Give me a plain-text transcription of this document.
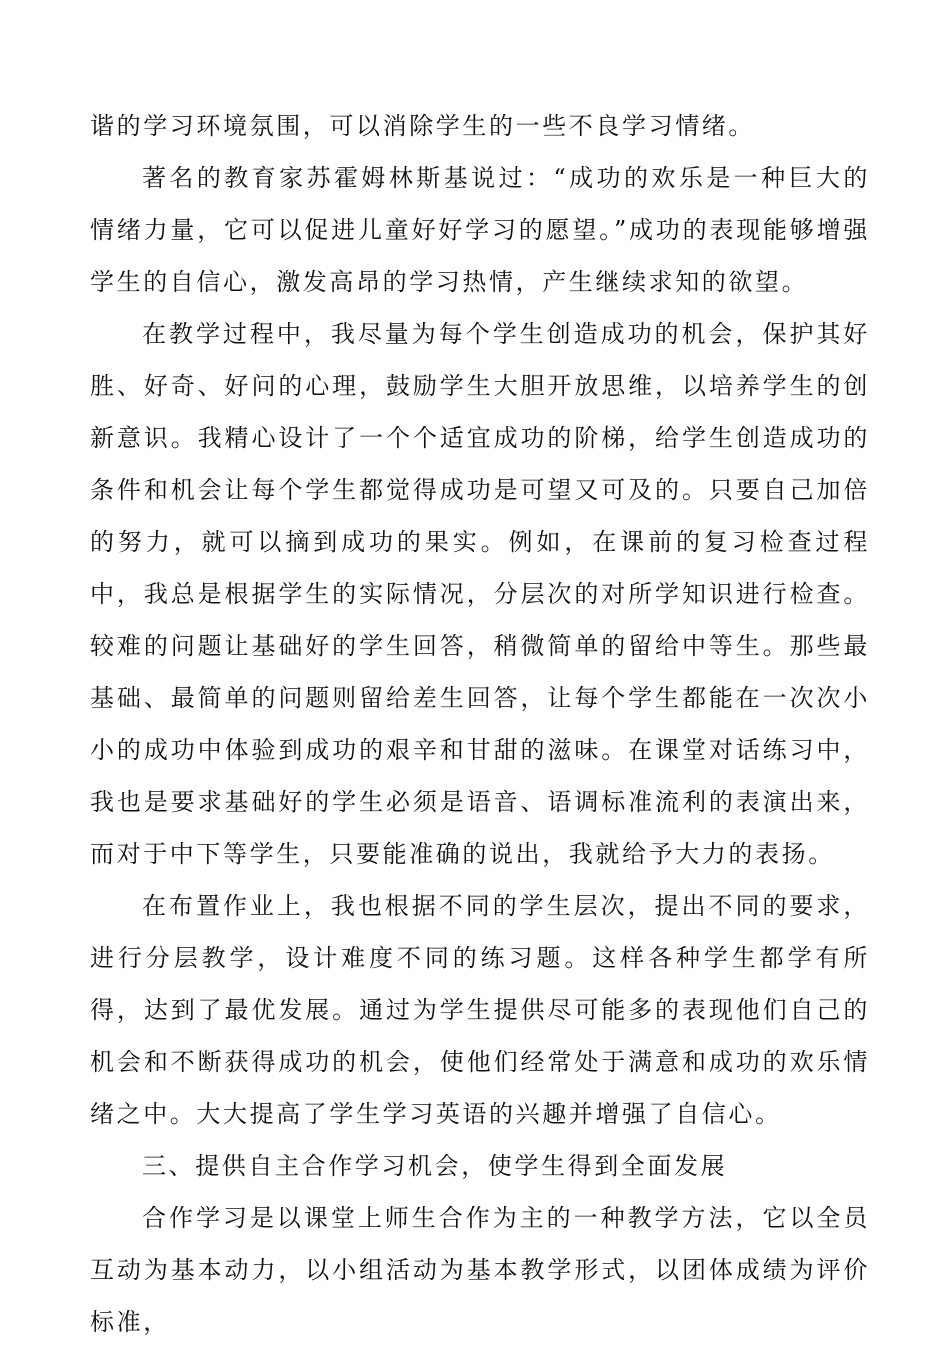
谐的学习环境氛围，可以消除学生的一些不良学习情绪。

著名的教育家苏霍姆林斯基说过：“成功的欢乐是一种巨大的情绪力量，它可以促进儿童好好学习的愿望。”成功的表现能够增强学生的自信心，激发高昂的学习热情，产生继续求知的欲望。

在教学过程中，我尽量为每个学生创造成功的机会，保护其好胜、好奇、好问的心理，鼓励学生大胆开放思维，以培养学生的创新意识。我精心设计了一个个适宜成功的阶梯，给学生创造成功的条件和机会让每个学生都觉得成功是可望又可及的。只要自己加倍的努力，就可以摘到成功的果实。例如，在课前的复习检查过程中，我总是根据学生的实际情况，分层次的对所学知识进行检查。较难的问题让基础好的学生回答，稍微简单的留给中等生。那些最基础、最简单的问题则留给差生回答，让每个学生都能在一次次小小的成功中体验到成功的艰辛和甘甜的滋味。在课堂对话练习中，我也是要求基础好的学生必须是语音、语调标准流利的表演出来，而对于中下等学生，只要能准确的说出，我就给予大力的表扬。

在布置作业上，我也根据不同的学生层次，提出不同的要求，进行分层教学，设计难度不同的练习题。这样各种学生都学有所得，达到了最优发展。通过为学生提供尽可能多的表现他们自己的机会和不断获得成功的机会，使他们经常处于满意和成功的欢乐情绪之中。大大提高了学生学习英语的兴趣并增强了自信心。

三、提供自主合作学习机会，使学生得到全面发展

合作学习是以课堂上师生合作为主的一种教学方法，它以全员互动为基本动力，以小组活动为基本教学形式，以团体成绩为评价标准，
